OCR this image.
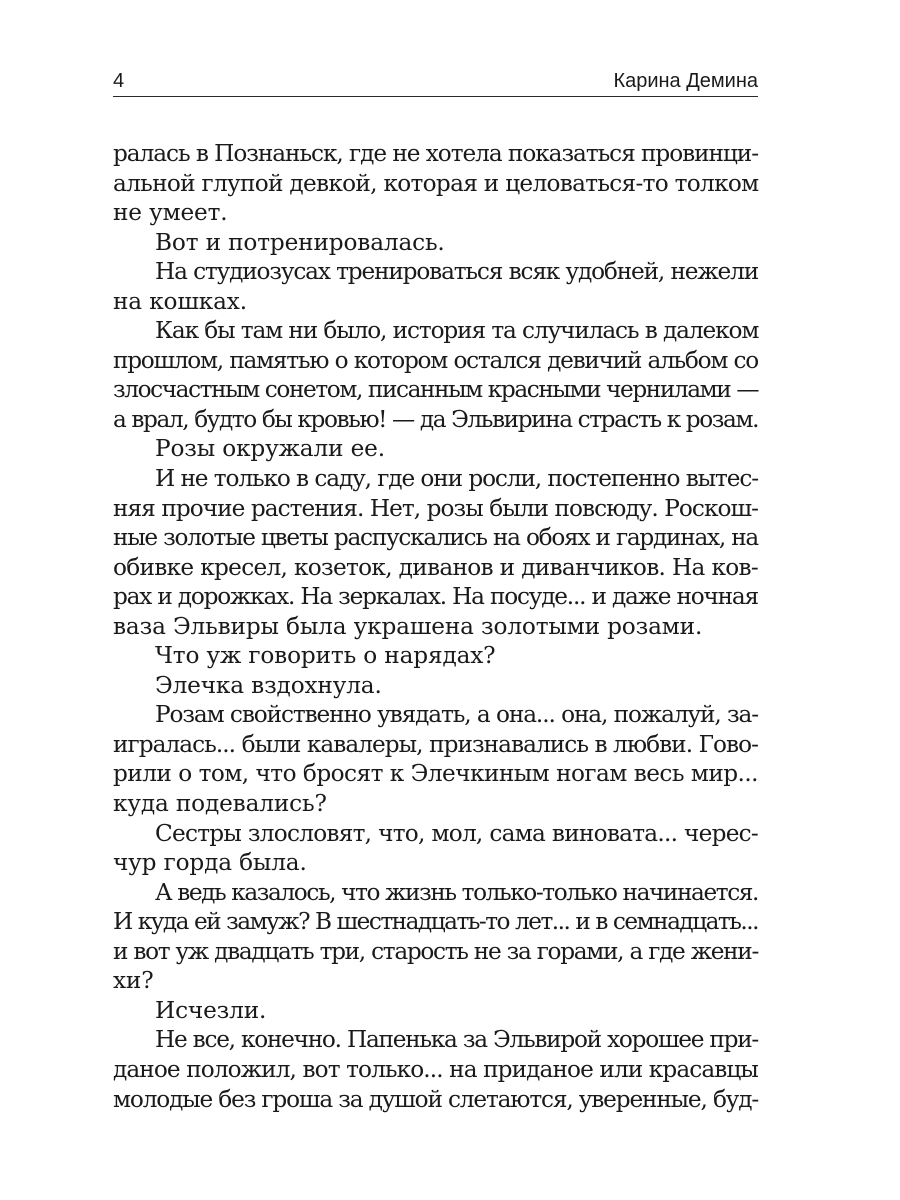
4	Карина Демина
ралась в Познаньск, где не хотела показаться провинци-
альной глупой девкой, которая и целоваться-то толком
не умеет.
Вот и потренировалась.
На студиозусах тренироваться всяк удобней, нежели
на кошках.
Как бы там ни было, история та случилась в далеком
прошлом, памятью о котором остался девичий альбом со
злосчастным сонетом, писанным красными чернилами —
а врал, будто бы кровью! — да Эльвирина страсть к розам.
Розы окружали ее.
И не только в саду, где они росли, постепенно вытес-
няя прочие растения. Нет, розы были повсюду. Роскош-
ные золотые цветы распускались на обоях и гардинах, на
обивке кресел, козеток, диванов и диванчиков. На ков-
рах и дорожках. На зеркалах. На посуде... и даже ночная
ваза Эльвиры была украшена золотыми розами.
Что уж говорить о нарядах?
Элечка вздохнула.
Розам свойственно увядать, а она... она, пожалуй, за-
игралась... были кавалеры, признавались в любви. Гово-
рили о том, что бросят к Элечкиным ногам весь мир...
куда подевались?
Сестры злословят, что, мол, сама виновата... черес-
чур горда была.
А ведь казалось, что жизнь только-только начинается.
И куда ей замуж? В шестнадцать-то лет... и в семнадцать...
и вот уж двадцать три, старость не за горами, а где жени-
хи?
Исчезли.
Не все, конечно. Папенька за Эльвирой хорошее при-
даное положил, вот только... на приданое или красавцы
молодые без гроша за душой слетаются, уверенные, буд-
